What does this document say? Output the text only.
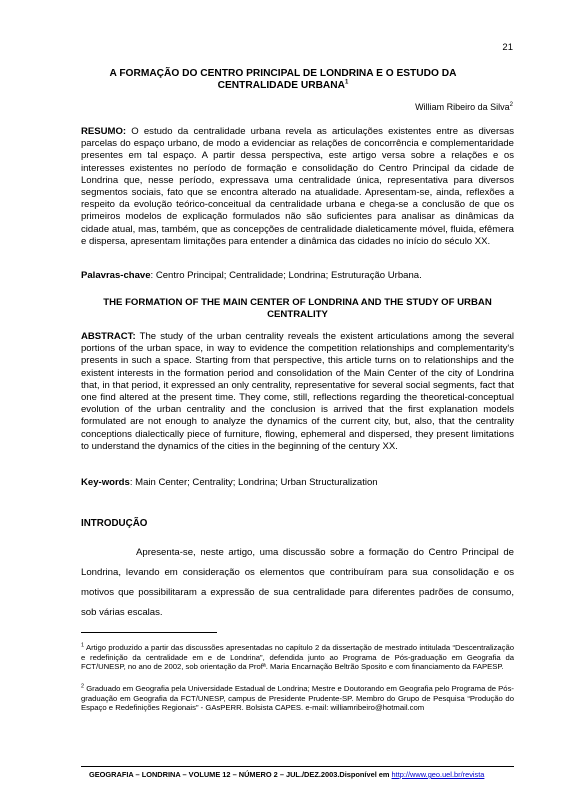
21
A FORMAÇÃO DO CENTRO PRINCIPAL DE LONDRINA E O ESTUDO DA CENTRALIDADE URBANA$^1$
William Ribeiro da Silva$^2$
RESUMO: O estudo da centralidade urbana revela as articulações existentes entre as diversas parcelas do espaço urbano, de modo a evidenciar as relações de concorrência e complementaridade presentes em tal espaço. A partir dessa perspectiva, este artigo versa sobre a relações e os interesses existentes no período de formação e consolidação do Centro Principal da cidade de Londrina que, nesse período, expressava uma centralidade única, representativa para diversos segmentos sociais, fato que se encontra alterado na atualidade. Apresentam-se, ainda, reflexões a respeito da evolução teórico-conceitual da centralidade urbana e chega-se a conclusão de que os primeiros modelos de explicação formulados não são suficientes para analisar as dinâmicas da cidade atual, mas, também, que as concepções de centralidade dialeticamente móvel, fluida, efêmera e dispersa, apresentam limitações para entender a dinâmica das cidades no início do século XX.
Palavras-chave: Centro Principal; Centralidade; Londrina; Estruturação Urbana.
THE FORMATION OF THE MAIN CENTER OF LONDRINA AND THE STUDY OF URBAN CENTRALITY
ABSTRACT: The study of the urban centrality reveals the existent articulations among the several portions of the urban space, in way to evidence the competition relationships and complementarity's presents in such a space. Starting from that perspective, this article turns on to relationships and the existent interests in the formation period and consolidation of the Main Center of the city of Londrina that, in that period, it expressed an only centrality, representative for several social segments, fact that one find altered at the present time. They come, still, reflections regarding the theoretical-conceptual evolution of the urban centrality and the conclusion is arrived that the first explanation models formulated are not enough to analyze the dynamics of the current city, but, also, that the centrality conceptions dialectically piece of furniture, flowing, ephemeral and dispersed, they present limitations to understand the dynamics of the cities in the beginning of the century XX.
Key-words: Main Center; Centrality; Londrina; Urban Structuralization
INTRODUÇÃO
Apresenta-se, neste artigo, uma discussão sobre a formação do Centro Principal de Londrina, levando em consideração os elementos que contribuíram para sua consolidação e os motivos que possibilitaram a expressão de sua centralidade para diferentes padrões de consumo, sob várias escalas.
$^1$ Artigo produzido a partir das discussões apresentadas no capítulo 2 da dissertação de mestrado intitulada “Descentralização e redefinição da centralidade em e de Londrina”, defendida junto ao Programa de Pós-graduação em Geografia da FCT/UNESP, no ano de 2002, sob orientação da Profª. Maria Encarnação Beltrão Sposito e com financiamento da FAPESP.
$^2$ Graduado em Geografia pela Universidade Estadual de Londrina; Mestre e Doutorando em Geografia pelo Programa de Pós-graduação em Geografia da FCT/UNESP, campus de Presidente Prudente-SP. Membro do Grupo de Pesquisa “Produção do Espaço e Redefinições Regionais” - GAsPERR. Bolsista CAPES. e-mail: williamribeiro@hotmail.com
GEOGRAFIA – LONDRINA – VOLUME 12 – NÚMERO 2 – JUL./DEZ.2003.Disponível em http://www.geo.uel.br/revista
